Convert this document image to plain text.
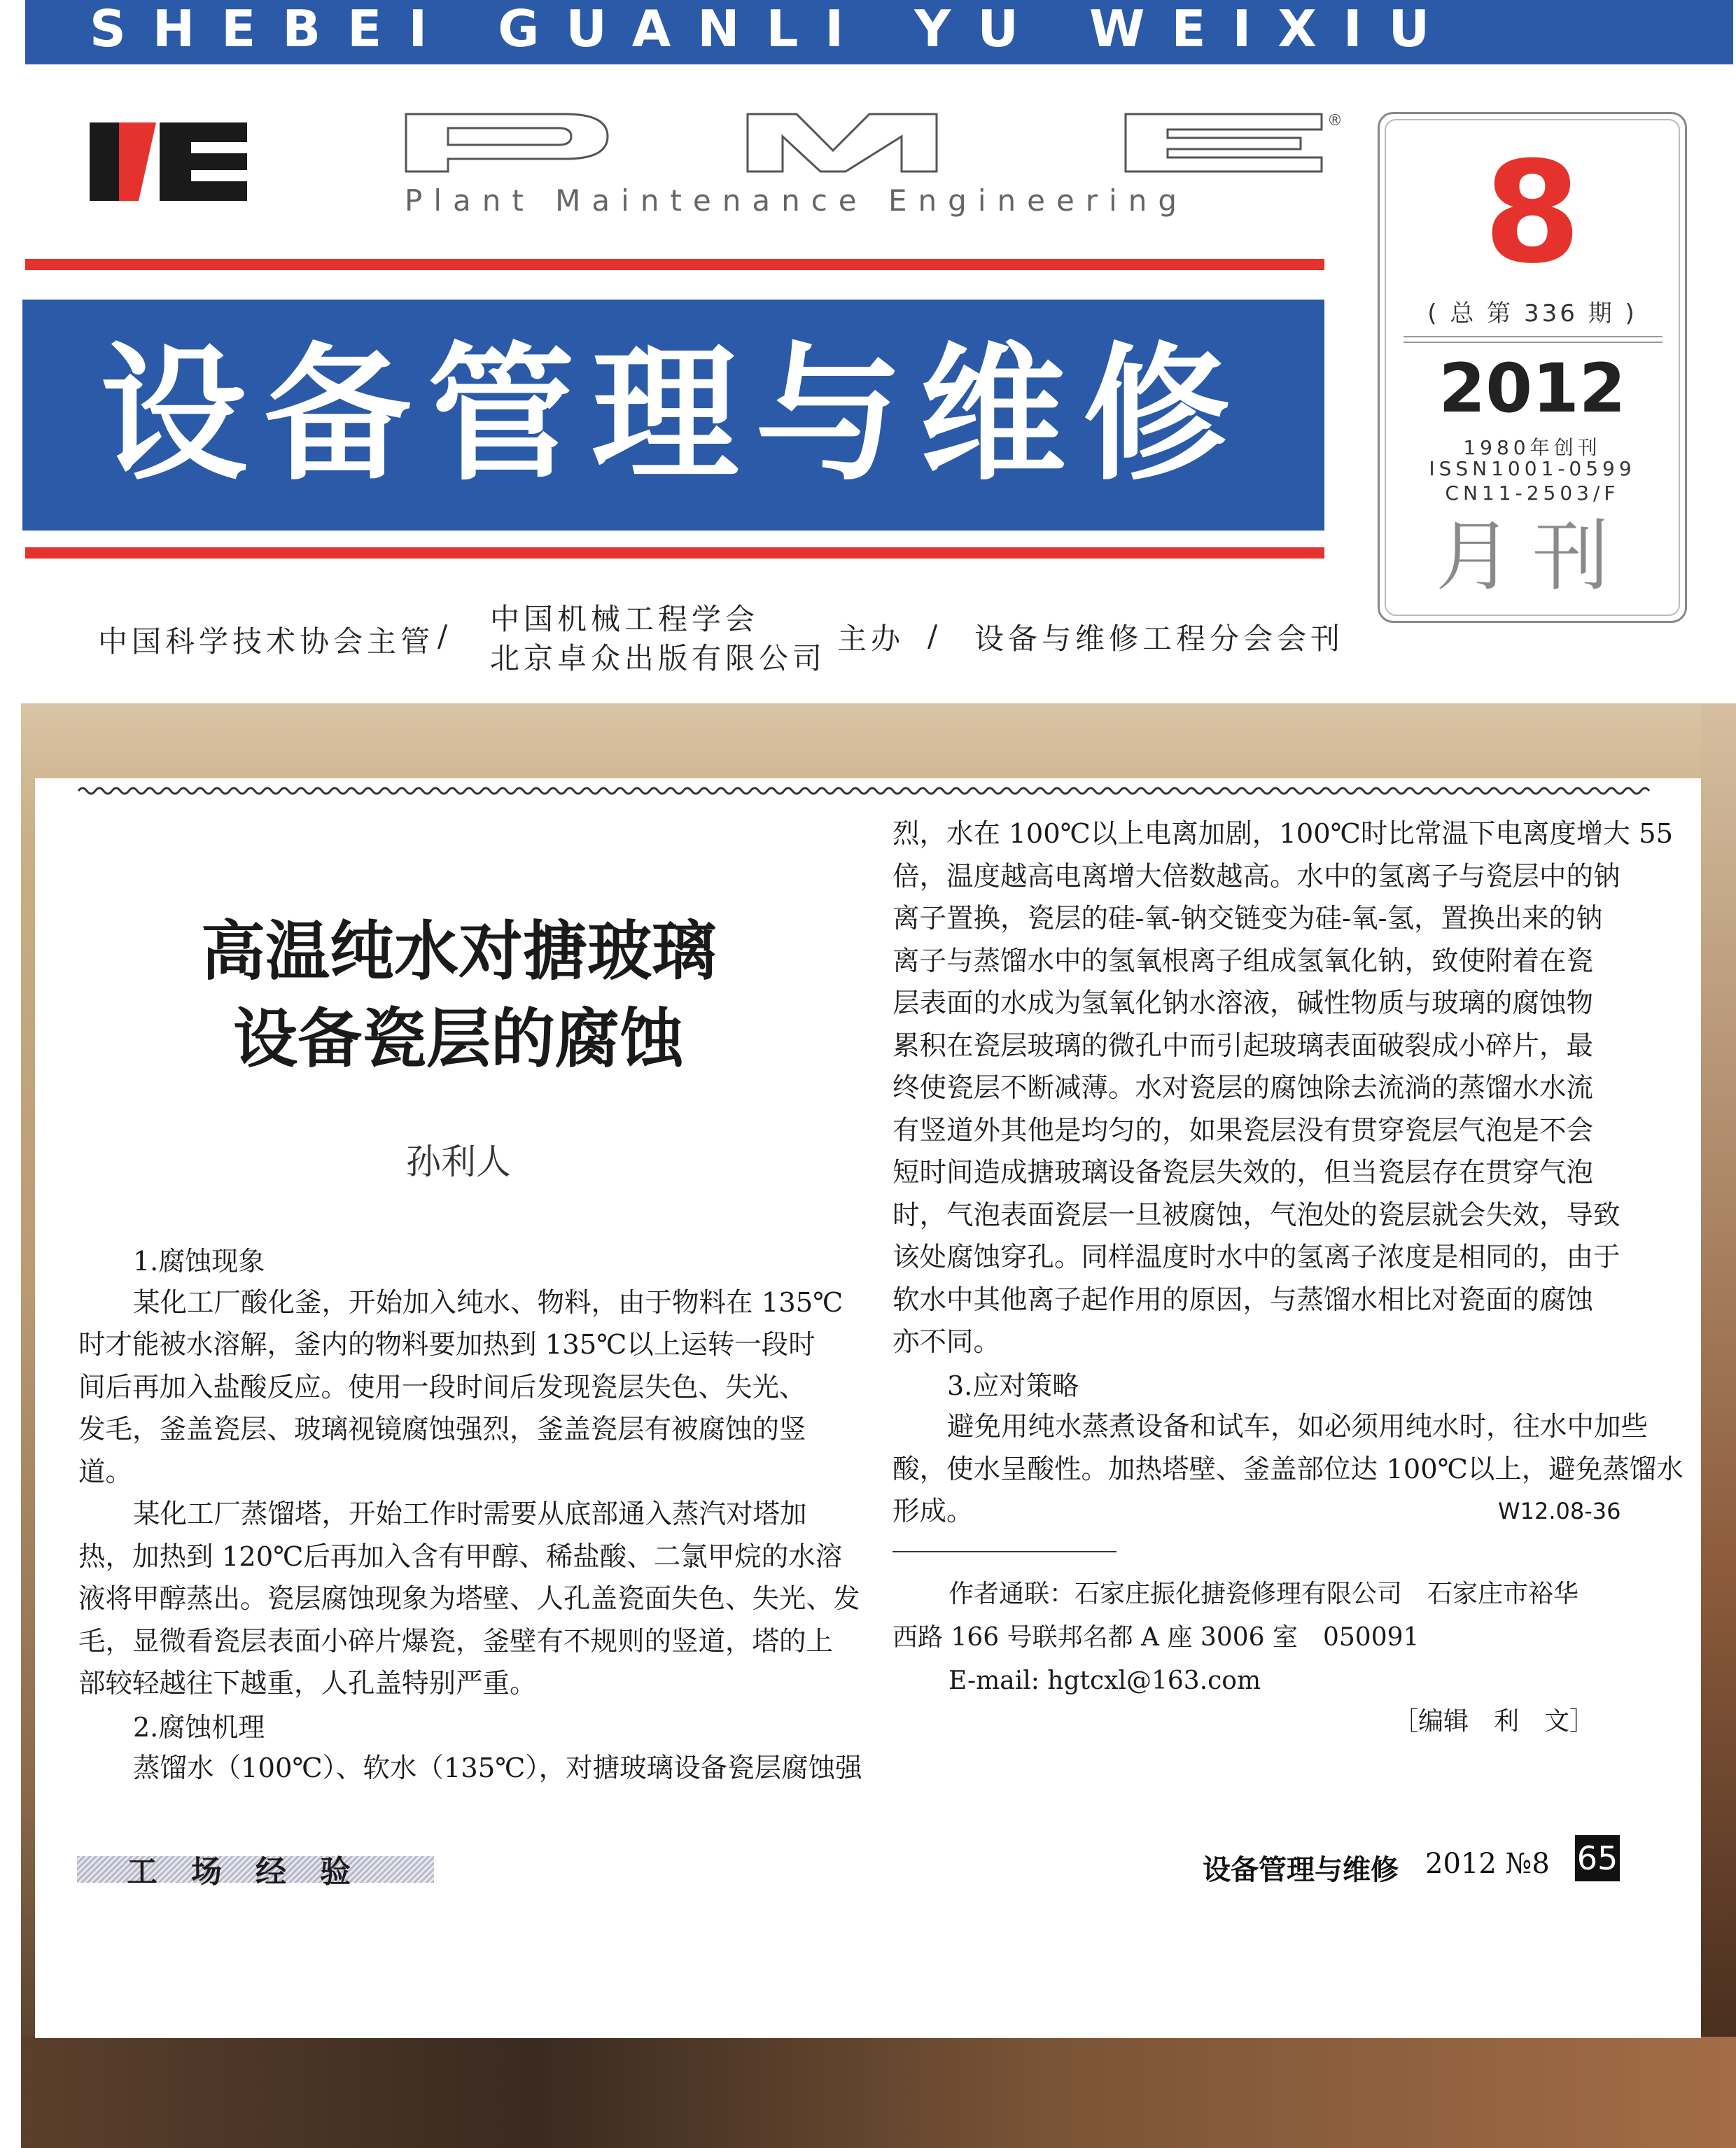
SHEBEI GUANLI YU WEIXIU
®
Plant Maintenance Engineering
设备管理与维修
8
( 总 第 336 期 )
2012
1980年创刊
ISSN1001-0599
CN11-2503/F
月刊
中国科学技术协会主管 / 中国机械工程学会
北京卓众出版有限公司
主办 / 设备与维修工程分会会刊
高温纯水对搪玻璃
设备瓷层的腐蚀
孙利人
1.腐蚀现象
某化工厂酸化釜，开始加入纯水、物料，由于物料在 135℃
时才能被水溶解，釜内的物料要加热到 135℃以上运转一段时
间后再加入盐酸反应。使用一段时间后发现瓷层失色、失光、
发毛，釜盖瓷层、玻璃视镜腐蚀强烈，釜盖瓷层有被腐蚀的竖
道。
某化工厂蒸馏塔，开始工作时需要从底部通入蒸汽对塔加
热，加热到 120℃后再加入含有甲醇、稀盐酸、二氯甲烷的水溶
液将甲醇蒸出。瓷层腐蚀现象为塔壁、人孔盖瓷面失色、失光、发
毛，显微看瓷层表面小碎片爆瓷，釜壁有不规则的竖道，塔的上
部较轻越往下越重，人孔盖特别严重。
2.腐蚀机理
蒸馏水（100℃）、软水（135℃），对搪玻璃设备瓷层腐蚀强
烈，水在 100℃以上电离加剧，100℃时比常温下电离度增大 55
倍，温度越高电离增大倍数越高。水中的氢离子与瓷层中的钠
离子置换，瓷层的硅-氧-钠交链变为硅-氧-氢，置换出来的钠
离子与蒸馏水中的氢氧根离子组成氢氧化钠，致使附着在瓷
层表面的水成为氢氧化钠水溶液，碱性物质与玻璃的腐蚀物
累积在瓷层玻璃的微孔中而引起玻璃表面破裂成小碎片，最
终使瓷层不断减薄。水对瓷层的腐蚀除去流淌的蒸馏水水流
有竖道外其他是均匀的，如果瓷层没有贯穿瓷层气泡是不会
短时间造成搪玻璃设备瓷层失效的，但当瓷层存在贯穿气泡
时，气泡表面瓷层一旦被腐蚀，气泡处的瓷层就会失效，导致
该处腐蚀穿孔。同样温度时水中的氢离子浓度是相同的，由于
软水中其他离子起作用的原因，与蒸馏水相比对瓷面的腐蚀
亦不同。
3.应对策略
避免用纯水蒸煮设备和试车，如必须用纯水时，往水中加些
酸，使水呈酸性。加热塔壁、釜盖部位达 100℃以上，避免蒸馏水
形成。	W12.08-36
作者通联：石家庄振化搪瓷修理有限公司　石家庄市裕华
西路 166 号联邦名都 A 座 3006 室　050091
E-mail: hgtcxl@163.com
［编辑　利　文］
工场经验	设备管理与维修 2012 №8 65
